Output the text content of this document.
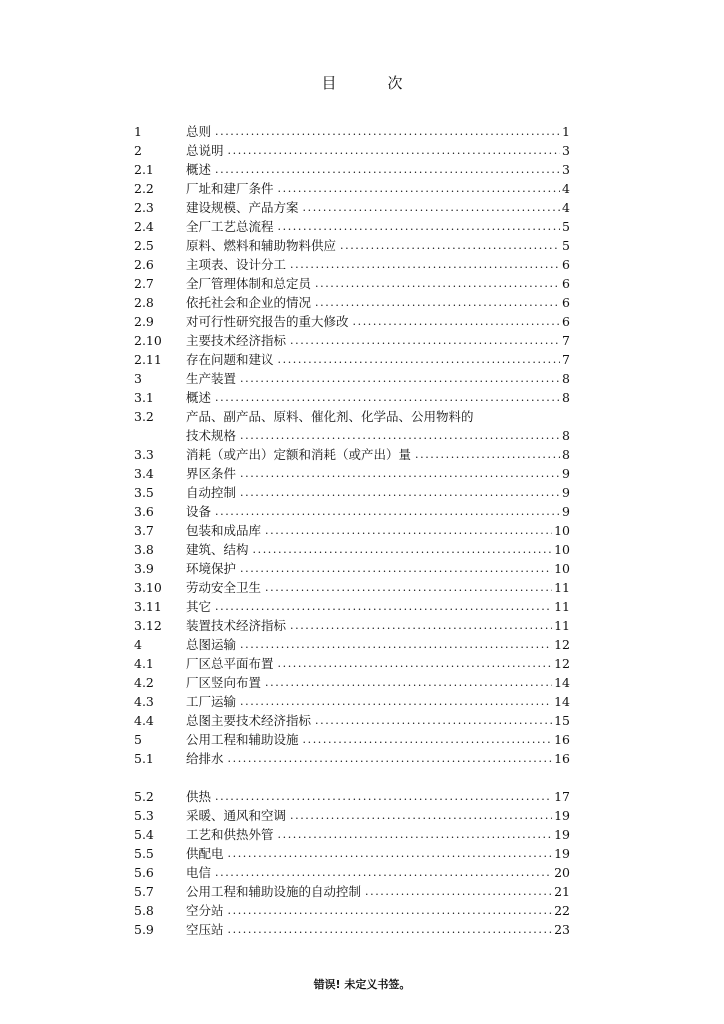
目　次
1	总则 .....	1
2	总说明 .....	3
2.1	概述 .....	3
2.2	厂址和建厂条件 .....	4
2.3	建设规模、产品方案 .....	4
2.4	全厂工艺总流程 .....	5
2.5	原料、燃料和辅助物料供应 .....	5
2.6	主项表、设计分工 .....	6
2.7	全厂管理体制和总定员 .....	6
2.8	依托社会和企业的情况 .....	6
2.9	对可行性研究报告的重大修改 .....	6
2.10	主要技术经济指标 .....	7
2.11	存在问题和建议 .....	7
3	生产装置 .....	8
3.1	概述 .....	8
3.2	产品、副产品、原料、催化剂、化学品、公用物料的
技术规格 .....	8
3.3	消耗（或产出）定额和消耗（或产出）量 .....	8
3.4	界区条件 .....	9
3.5	自动控制 .....	9
3.6	设备 .....	9
3.7	包装和成品库 .....	10
3.8	建筑、结构 .....	10
3.9	环境保护 .....	10
3.10	劳动安全卫生 .....	11
3.11	其它 .....	11
3.12	装置技术经济指标 .....	11
4	总图运输 .....	12
4.1	厂区总平面布置 .....	12
4.2	厂区竖向布置 .....	14
4.3	工厂运输 .....	14
4.4	总图主要技术经济指标 .....	15
5	公用工程和辅助设施 .....	16
5.1	给排水 .....	16
5.2	供热 .....	17
5.3	采暖、通风和空调 .....	19
5.4	工艺和供热外管 .....	19
5.5	供配电 .....	19
5.6	电信 .....	20
5.7	公用工程和辅助设施的自动控制 .....	21
5.8	空分站 .....	22
5.9	空压站 .....	23
错误! 未定义书签。
